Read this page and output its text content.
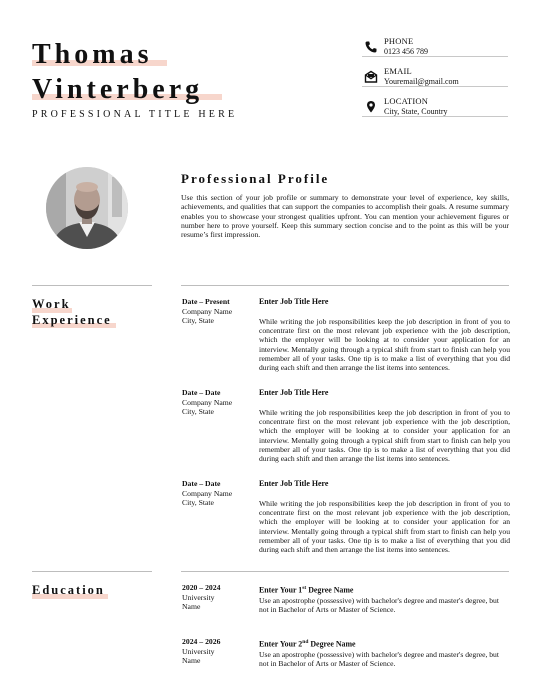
Thomas
Vinterberg
PROFESSIONAL TITLE HERE
PHONE
0123 456 789
EMAIL
Youremail@gmail.com
LOCATION
City, State, Country
Professional Profile
Use this section of your job profile or summary to demonstrate your level of experience, key skills, achievements, and qualities that can support the companies to accomplish their goals. A resume summary enables you to showcase your strongest qualities upfront. You can mention your achievement figures or number here to prove yourself. Keep this summary section concise and to the point as this will be your resume’s first impression.
Work
Experience
Date – Present
Company Name
City, State
Enter Job Title Here
While writing the job responsibilities keep the job description in front of you to concentrate first on the most relevant job experience with the job description, which the employer will be looking at to consider your application for an interview. Mentally going through a typical shift from start to finish can help you remember all of your tasks. One tip is to make a list of everything that you did during each shift and then arrange the list items into sentences.
Date – Date
Company Name
City, State
Enter Job Title Here
While writing the job responsibilities keep the job description in front of you to concentrate first on the most relevant job experience with the job description, which the employer will be looking at to consider your application for an interview. Mentally going through a typical shift from start to finish can help you remember all of your tasks. One tip is to make a list of everything that you did during each shift and then arrange the list items into sentences.
Date – Date
Company Name
City, State
Enter Job Title Here
While writing the job responsibilities keep the job description in front of you to concentrate first on the most relevant job experience with the job description, which the employer will be looking at to consider your application for an interview. Mentally going through a typical shift from start to finish can help you remember all of your tasks. One tip is to make a list of everything that you did during each shift and then arrange the list items into sentences.
Education	2020 – 2024
University
Name
Enter Your 1st Degree Name
Use an apostrophe (possessive) with bachelor's degree and master's degree, but not in Bachelor of Arts or Master of Science.
2024 – 2026
University
Name
Enter Your 2nd Degree Name
Use an apostrophe (possessive) with bachelor's degree and master's degree, but not in Bachelor of Arts or Master of Science.
